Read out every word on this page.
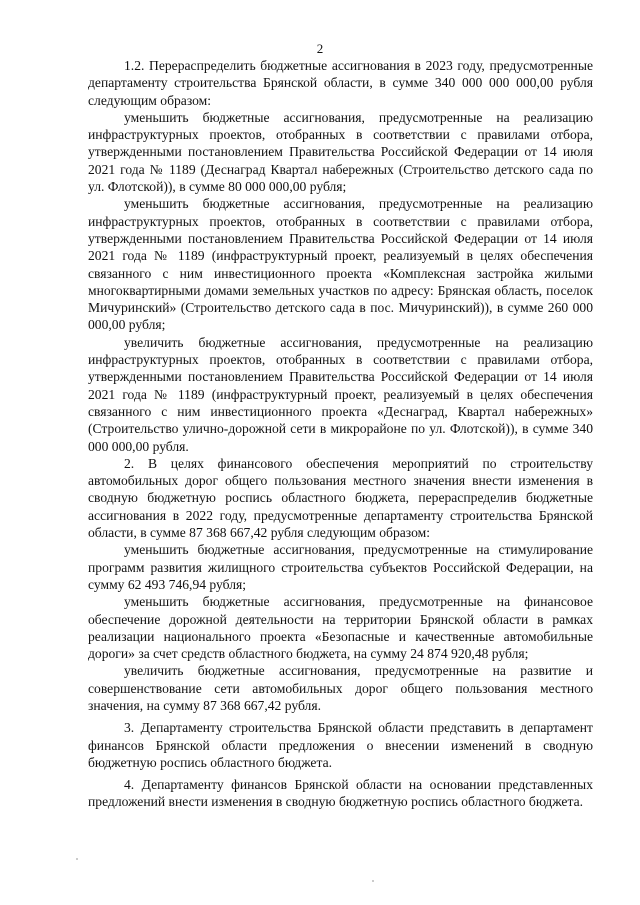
2

1.2. Перераспределить бюджетные ассигнования в 2023 году, предусмотренные департаменту строительства Брянской области, в сумме 340 000 000 000,00 рубля следующим образом:

уменьшить бюджетные ассигнования, предусмотренные на реализацию инфраструктурных проектов, отобранных в соответствии с правилами отбора, утвержденными постановлением Правительства Российской Федерации от 14 июля 2021 года № 1189 (Деснаград Квартал набережных (Строительство детского сада по ул. Флотской)), в сумме 80 000 000,00 рубля;

уменьшить бюджетные ассигнования, предусмотренные на реализацию инфраструктурных проектов, отобранных в соответствии с правилами отбора, утвержденными постановлением Правительства Российской Федерации от 14 июля 2021 года № 1189 (инфраструктурный проект, реализуемый в целях обеспечения связанного с ним инвестиционного проекта «Комплексная застройка жилыми многоквартирными домами земельных участков по адресу: Брянская область, поселок Мичуринский» (Строительство детского сада в пос. Мичуринский)), в сумме 260 000 000,00 рубля;

увеличить бюджетные ассигнования, предусмотренные на реализацию инфраструктурных проектов, отобранных в соответствии с правилами отбора, утвержденными постановлением Правительства Российской Федерации от 14 июля 2021 года № 1189 (инфраструктурный проект, реализуемый в целях обеспечения связанного с ним инвестиционного проекта «Деснаград, Квартал набережных» (Строительство улично-дорожной сети в микрорайоне по ул. Флотской)), в сумме 340 000 000,00 рубля.

2. В целях финансового обеспечения мероприятий по строительству автомобильных дорог общего пользования местного значения внести изменения в сводную бюджетную роспись областного бюджета, перераспределив бюджетные ассигнования в 2022 году, предусмотренные департаменту строительства Брянской области, в сумме 87 368 667,42 рубля следующим образом:

уменьшить бюджетные ассигнования, предусмотренные на стимулирование программ развития жилищного строительства субъектов Российской Федерации, на сумму 62 493 746,94 рубля;

уменьшить бюджетные ассигнования, предусмотренные на финансовое обеспечение дорожной деятельности на территории Брянской области в рамках реализации национального проекта «Безопасные и качественные автомобильные дороги» за счет средств областного бюджета, на сумму 24 874 920,48 рубля;

увеличить бюджетные ассигнования, предусмотренные на развитие и совершенствование сети автомобильных дорог общего пользования местного значения, на сумму 87 368 667,42 рубля.

3. Департаменту строительства Брянской области представить в департамент финансов Брянской области предложения о внесении изменений в сводную бюджетную роспись областного бюджета.

4. Департаменту финансов Брянской области на основании представленных предложений внести изменения в сводную бюджетную роспись областного бюджета.
